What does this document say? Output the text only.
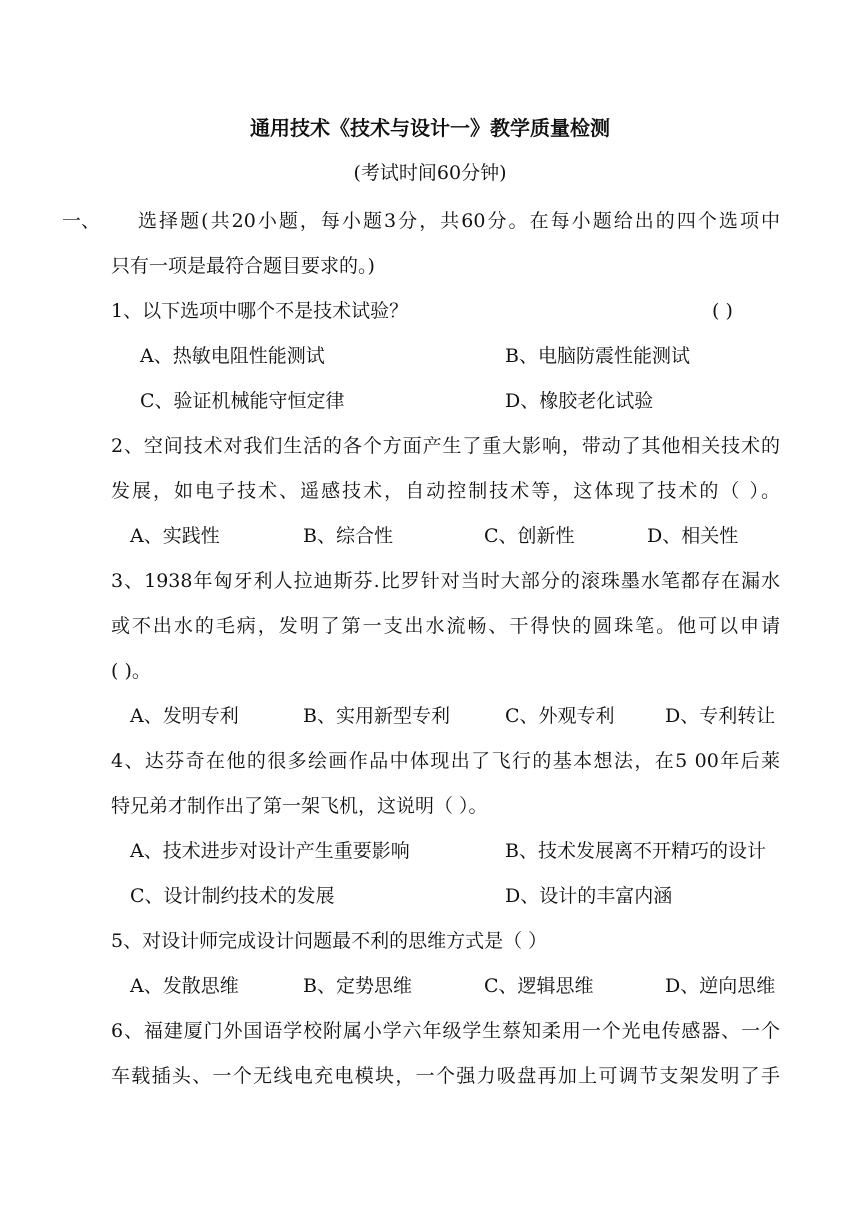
通用技术《技术与设计一》教学质量检测
(考试时间60分钟)
一、 选择题(共20小题，每小题3分，共60分。在每小题给出的四个选项中
只有一项是最符合题目要求的。)
1、以下选项中哪个不是技术试验？	( )
A、热敏电阻性能测试	B、电脑防震性能测试
C、验证机械能守恒定律	D、橡胶老化试验
2、空间技术对我们生活的各个方面产生了重大影响，带动了其他相关技术的
发展，如电子技术、遥感技术，自动控制技术等，这体现了技术的（ ）。
A、实践性	B、综合性	C、创新性	D、相关性
3、1938年匈牙利人拉迪斯芬.比罗针对当时大部分的滚珠墨水笔都存在漏水
或不出水的毛病，发明了第一支出水流畅、干得快的圆珠笔。他可以申请
( )。
A、发明专利	B、实用新型专利	C、外观专利	D、专利转让
4、达芬奇在他的很多绘画作品中体现出了飞行的基本想法，在5 00年后莱
特兄弟才制作出了第一架飞机，这说明（ ）。
A、技术进步对设计产生重要影响	B、技术发展离不开精巧的设计
C、设计制约技术的发展	D、设计的丰富内涵
5、对设计师完成设计问题最不利的思维方式是（ ）
A、发散思维	B、定势思维	C、逻辑思维	D、逆向思维
6、福建厦门外国语学校附属小学六年级学生蔡知柔用一个光电传感器、一个
车载插头、一个无线电充电模块，一个强力吸盘再加上可调节支架发明了手
